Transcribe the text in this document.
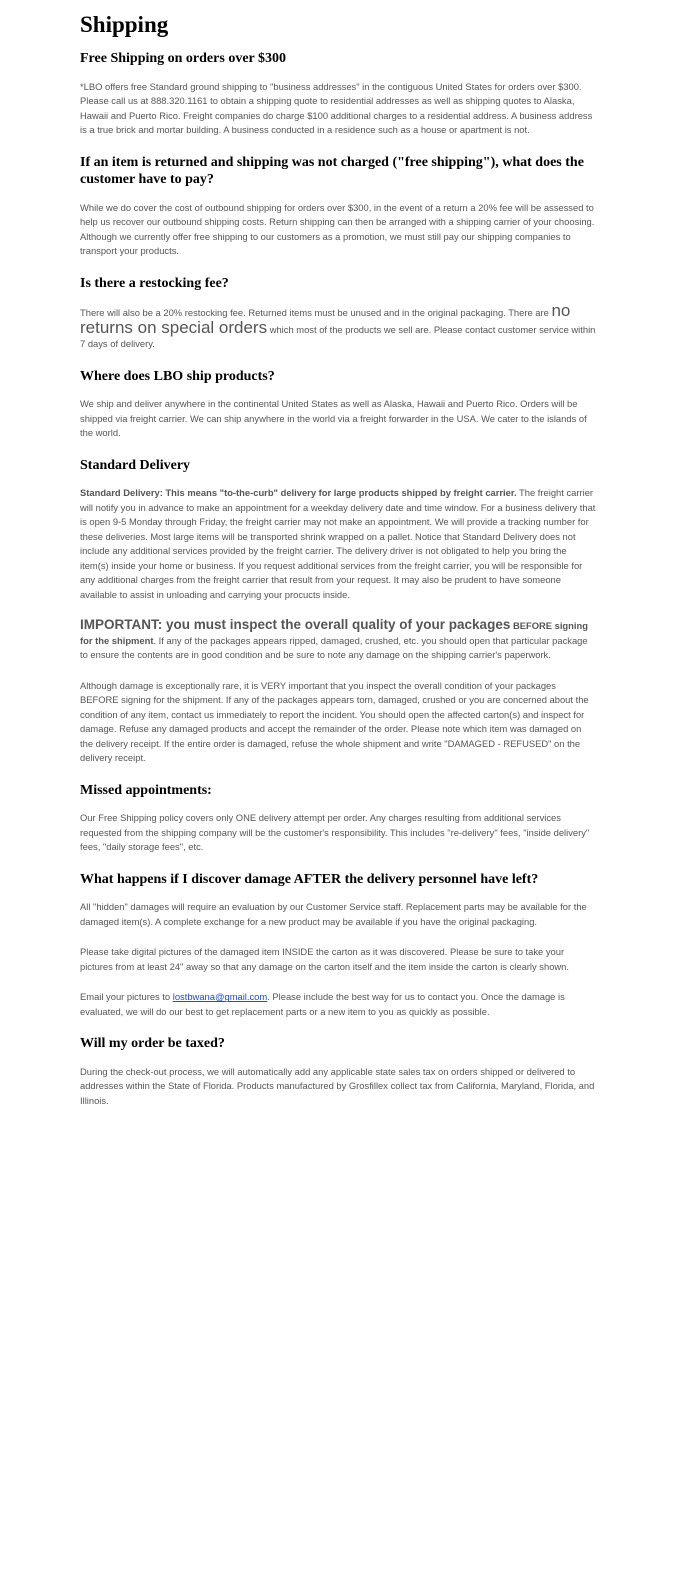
Shipping
Free Shipping on orders over $300

*LBO offers free Standard ground shipping to "business addresses" in the contiguous United States for orders over $300. Please call us at 888.320.1161 to obtain a shipping quote to residential addresses as well as shipping quotes to Alaska, Hawaii and Puerto Rico. Freight companies do charge $100 additional charges to a residential address. A business address is a true brick and mortar building. A business conducted in a residence such as a house or apartment is not.

If an item is returned and shipping was not charged ("free shipping"), what does the customer have to pay?

While we do cover the cost of outbound shipping for orders over $300, in the event of a return a 20% fee will be assessed to help us recover our outbound shipping costs. Return shipping can then be arranged with a shipping carrier of your choosing. Although we currently offer free shipping to our customers as a promotion, we must still pay our shipping companies to transport your products.

Is there a restocking fee?

There will also be a 20% restocking fee. Returned items must be unused and in the original packaging. There are no returns on special orders which most of the products we sell are. Please contact customer service within 7 days of delivery.

Where does LBO ship products?

We ship and deliver anywhere in the continental United States as well as Alaska, Hawaii and Puerto Rico. Orders will be shipped via freight carrier. We can ship anywhere in the world via a freight forwarder in the USA. We cater to the islands of the world.

Standard Delivery

Standard Delivery: This means "to-the-curb" delivery for large products shipped by freight carrier. The freight carrier will notify you in advance to make an appointment for a weekday delivery date and time window. For a business delivery that is open 9-5 Monday through Friday, the freight carrier may not make an appointment. We will provide a tracking number for these deliveries. Most large items will be transported shrink wrapped on a pallet. Notice that Standard Delivery does not include any additional services provided by the freight carrier. The delivery driver is not obligated to help you bring the item(s) inside your home or business. If you request additional services from the freight carrier, you will be responsible for any additional charges from the freight carrier that result from your request. It may also be prudent to have someone available to assist in unloading and carrying your procucts inside.

IMPORTANT: you must inspect the overall quality of your packages BEFORE signing for the shipment. If any of the packages appears ripped, damaged, crushed, etc. you should open that particular package to ensure the contents are in good condition and be sure to note any damage on the shipping carrier's paperwork.

Although damage is exceptionally rare, it is VERY important that you inspect the overall condition of your packages BEFORE signing for the shipment. If any of the packages appears torn, damaged, crushed or you are concerned about the condition of any item, contact us immediately to report the incident. You should open the affected carton(s) and inspect for damage. Refuse any damaged products and accept the remainder of the order. Please note which item was damaged on the delivery receipt. If the entire order is damaged, refuse the whole shipment and write "DAMAGED - REFUSED" on the delivery receipt.

Missed appointments:

Our Free Shipping policy covers only ONE delivery attempt per order. Any charges resulting from additional services requested from the shipping company will be the customer's responsibility. This includes "re-delivery" fees, "inside delivery" fees, "daily storage fees", etc.

What happens if I discover damage AFTER the delivery personnel have left?

All "hidden" damages will require an evaluation by our Customer Service staff. Replacement parts may be available for the damaged item(s). A complete exchange for a new product may be available if you have the original packaging.

Please take digital pictures of the damaged item INSIDE the carton as it was discovered. Please be sure to take your pictures from at least 24" away so that any damage on the carton itself and the item inside the carton is clearly shown.

Email your pictures to lostbwana@gmail.com. Please include the best way for us to contact you. Once the damage is evaluated, we will do our best to get replacement parts or a new item to you as quickly as possible.

Will my order be taxed?

During the check-out process, we will automatically add any applicable state sales tax on orders shipped or delivered to addresses within the State of Florida. Products manufactured by Grosfillex collect tax from California, Maryland, Florida, and Illinois.
